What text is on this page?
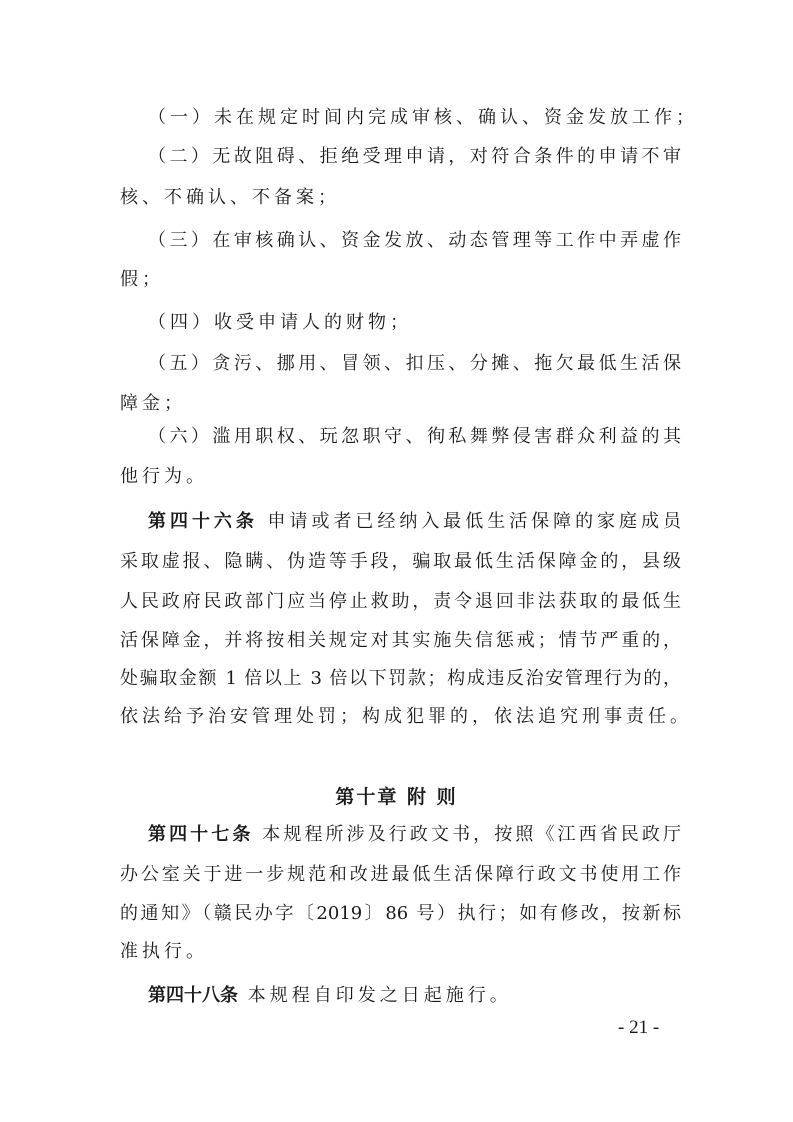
（一）未在规定时间内完成审核、确认、资金发放工作；
（二）无故阻碍、拒绝受理申请，对符合条件的申请不审
核、不确认、不备案；
（三）在审核确认、资金发放、动态管理等工作中弄虚作
假；
（四）收受申请人的财物；
（五）贪污、挪用、冒领、扣压、分摊、拖欠最低生活保
障金；
（六）滥用职权、玩忽职守、徇私舞弊侵害群众利益的其
他行为。
第四十六条 申请或者已经纳入最低生活保障的家庭成员
采取虚报、隐瞒、伪造等手段，骗取最低生活保障金的，县级
人民政府民政部门应当停止救助，责令退回非法获取的最低生
活保障金，并将按相关规定对其实施失信惩戒；情节严重的，
处骗取金额 1 倍以上 3 倍以下罚款；构成违反治安管理行为的，
依法给予治安管理处罚；构成犯罪的，依法追究刑事责任。
第四十七条 本规程所涉及行政文书，按照《江西省民政厅
办公室关于进一步规范和改进最低生活保障行政文书使用工作
的通知》（赣民办字〔2019〕86 号）执行；如有修改，按新标
准执行。
第四十八条 本规程自印发之日起施行。
第十章 附 则
- 21 -
